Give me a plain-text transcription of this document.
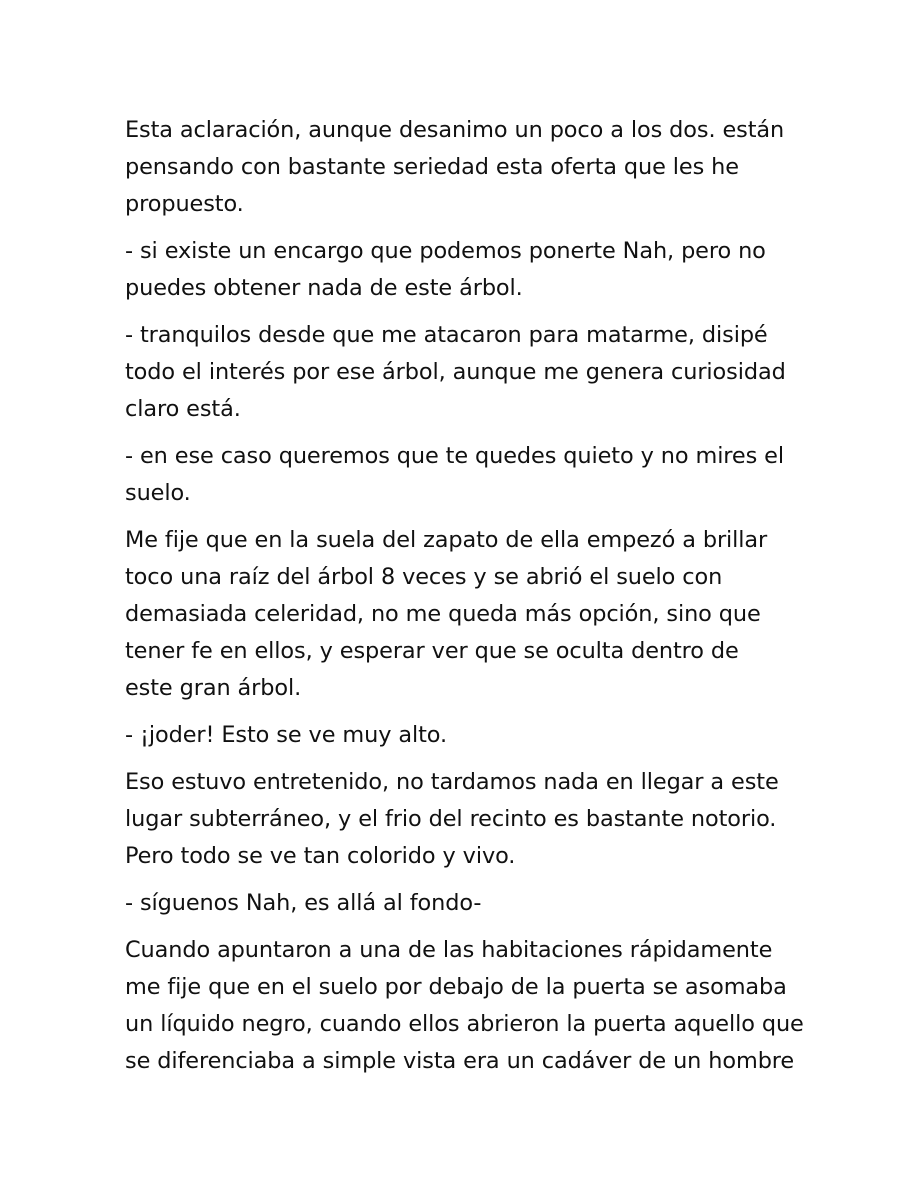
Esta aclaración, aunque desanimo un poco a los dos. están
pensando con bastante seriedad esta oferta que les he
propuesto.

- si existe un encargo que podemos ponerte Nah, pero no
puedes obtener nada de este árbol.

- tranquilos desde que me atacaron para matarme, disipé
todo el interés por ese árbol, aunque me genera curiosidad
claro está.

- en ese caso queremos que te quedes quieto y no mires el
suelo.

Me fije que en la suela del zapato de ella empezó a brillar
toco una raíz del árbol 8 veces y se abrió el suelo con
demasiada celeridad, no me queda más opción, sino que
tener fe en ellos, y esperar ver que se oculta dentro de
este gran árbol.

- ¡joder! Esto se ve muy alto.

Eso estuvo entretenido, no tardamos nada en llegar a este
lugar subterráneo, y el frio del recinto es bastante notorio.
Pero todo se ve tan colorido y vivo.

- síguenos Nah, es allá al fondo-

Cuando apuntaron a una de las habitaciones rápidamente
me fije que en el suelo por debajo de la puerta se asomaba
un líquido negro, cuando ellos abrieron la puerta aquello que
se diferenciaba a simple vista era un cadáver de un hombre
